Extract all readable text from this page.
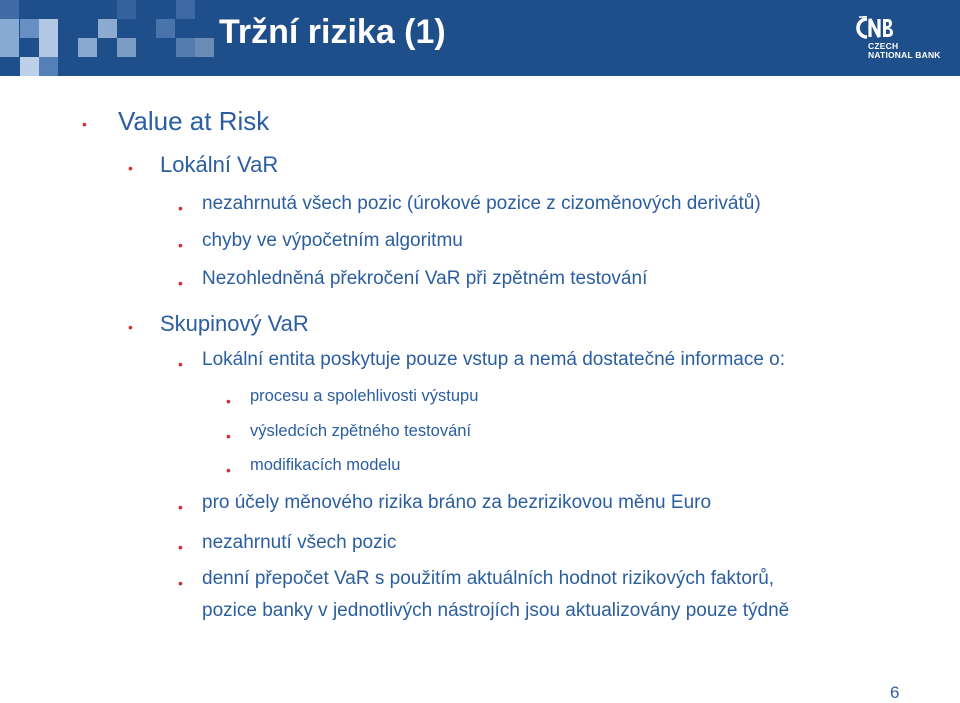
Tržní rizika (1)	CZECH
NATIONAL BANK
• Value at Risk
• Lokální VaR
• nezahrnutá všech pozic (úrokové pozice z cizoměnových derivátů)
• chyby ve výpočetním algoritmu
• Nezohledněná překročení VaR při zpětném testování
• Skupinový VaR
• Lokální entita poskytuje pouze vstup a nemá dostatečné informace o:
• procesu a spolehlivosti výstupu
• výsledcích zpětného testování
• modifikacích modelu
• pro účely měnového rizika bráno za bezrizikovou měnu Euro
• nezahrnutí všech pozic
• denní přepočet VaR s použitím aktuálních hodnot rizikových faktorů,
pozice banky v jednotlivých nástrojích jsou aktualizovány pouze týdně
6
